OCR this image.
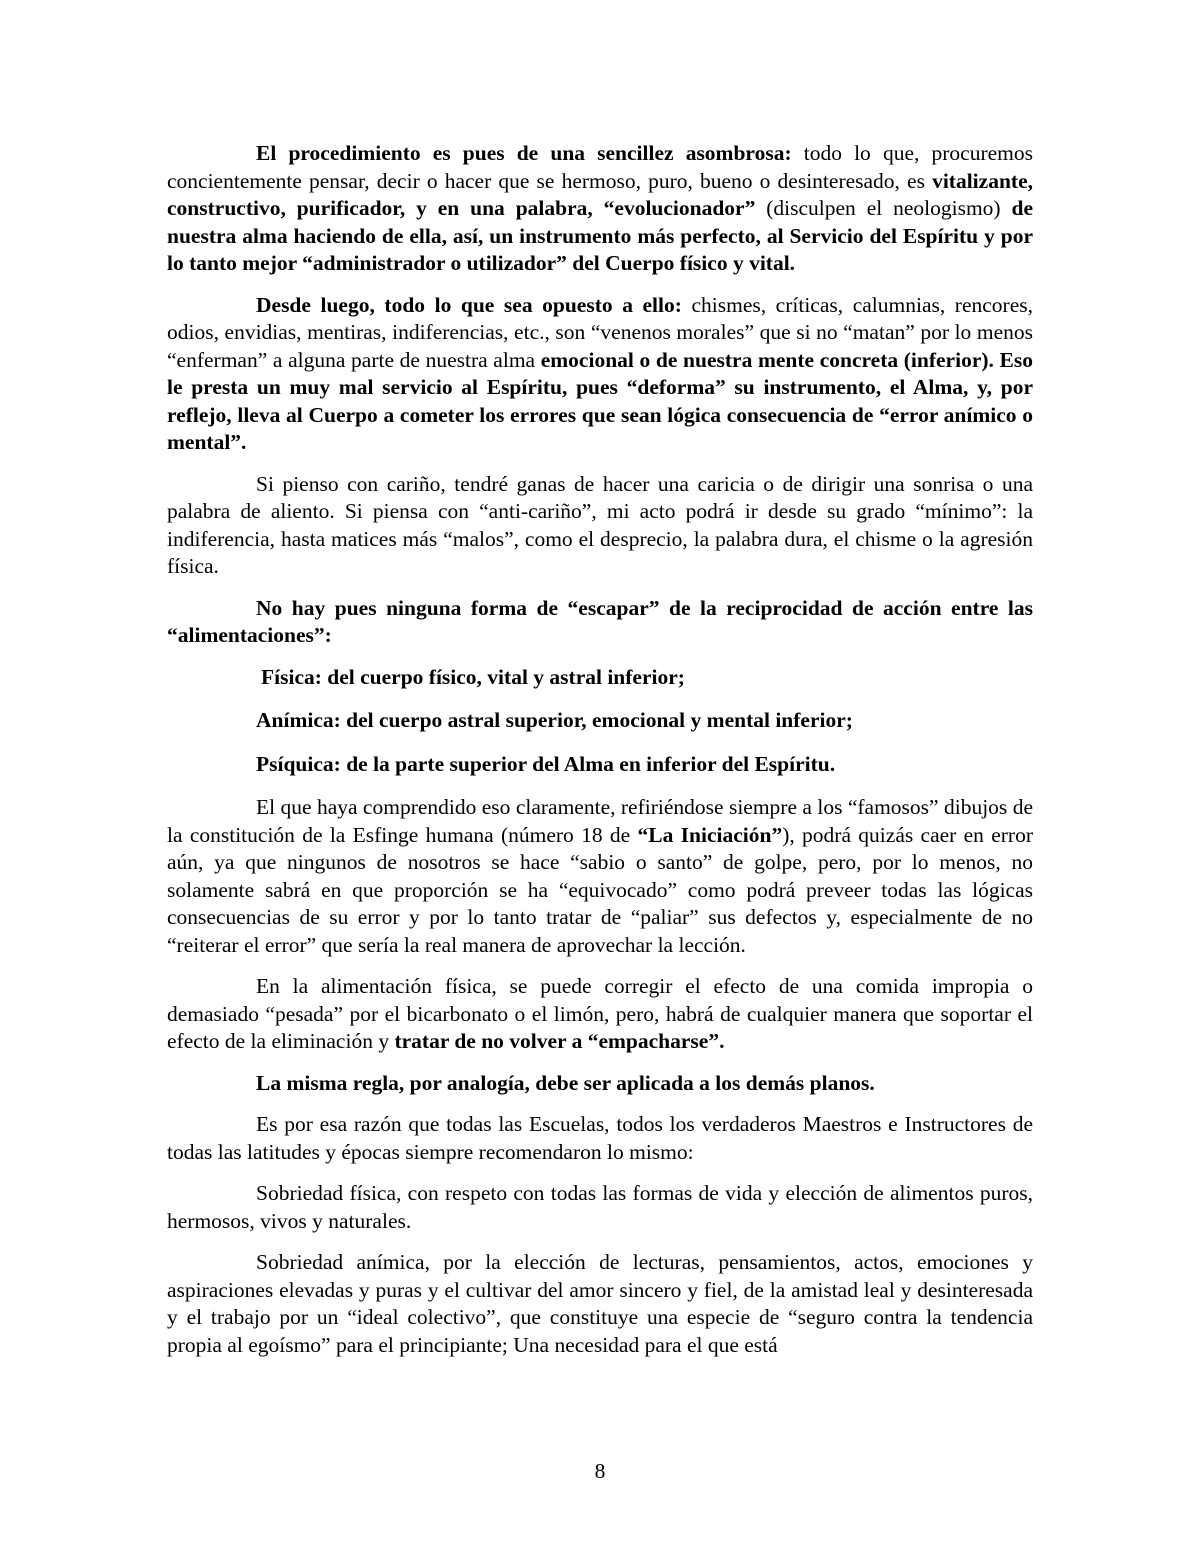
El procedimiento es pues de una sencillez asombrosa: todo lo que, procuremos concientemente pensar, decir o hacer que se hermoso, puro, bueno o desinteresado, es vitalizante, constructivo, purificador, y en una palabra, “evolucionador” (disculpen el neologismo) de nuestra alma haciendo de ella, así, un instrumento más perfecto, al Servicio del Espíritu y por lo tanto mejor “administrador o utilizador” del Cuerpo físico y vital.

Desde luego, todo lo que sea opuesto a ello: chismes, críticas, calumnias, rencores, odios, envidias, mentiras, indiferencias, etc., son “venenos morales” que si no “matan” por lo menos “enferman” a alguna parte de nuestra alma emocional o de nuestra mente concreta (inferior). Eso le presta un muy mal servicio al Espíritu, pues “deforma” su instrumento, el Alma, y, por reflejo, lleva al Cuerpo a cometer los errores que sean lógica consecuencia de “error anímico o mental”.

Si pienso con cariño, tendré ganas de hacer una caricia o de dirigir una sonrisa o una palabra de aliento. Si piensa con “anti-cariño”, mi acto podrá ir desde su grado “mínimo”: la indiferencia, hasta matices más “malos”, como el desprecio, la palabra dura, el chisme o la agresión física.

No hay pues ninguna forma de “escapar” de la reciprocidad de acción entre las “alimentaciones”:

Física: del cuerpo físico, vital y astral inferior;

Anímica: del cuerpo astral superior, emocional y mental inferior;

Psíquica: de la parte superior del Alma en inferior del Espíritu.

El que haya comprendido eso claramente, refiriéndose siempre a los “famosos” dibujos de la constitución de la Esfinge humana (número 18 de “La Iniciación”), podrá quizás caer en error aún, ya que ningunos de nosotros se hace “sabio o santo” de golpe, pero, por lo menos, no solamente sabrá en que proporción se ha “equivocado” como podrá preveer todas las lógicas consecuencias de su error y por lo tanto tratar de “paliar” sus defectos y, especialmente de no “reiterar el error” que sería la real manera de aprovechar la lección.

En la alimentación física, se puede corregir el efecto de una comida impropia o demasiado “pesada” por el bicarbonato o el limón, pero, habrá de cualquier manera que soportar el efecto de la eliminación y tratar de no volver a “empacharse”.

La misma regla, por analogía, debe ser aplicada a los demás planos.

Es por esa razón que todas las Escuelas, todos los verdaderos Maestros e Instructores de todas las latitudes y épocas siempre recomendaron lo mismo:

Sobriedad física, con respeto con todas las formas de vida y elección de alimentos puros, hermosos, vivos y naturales.

Sobriedad anímica, por la elección de lecturas, pensamientos, actos, emociones y aspiraciones elevadas y puras y el cultivar del amor sincero y fiel, de la amistad leal y desinteresada y el trabajo por un “ideal colectivo”, que constituye una especie de “seguro contra la tendencia propia al egoísmo” para el principiante; Una necesidad para el que está

8
